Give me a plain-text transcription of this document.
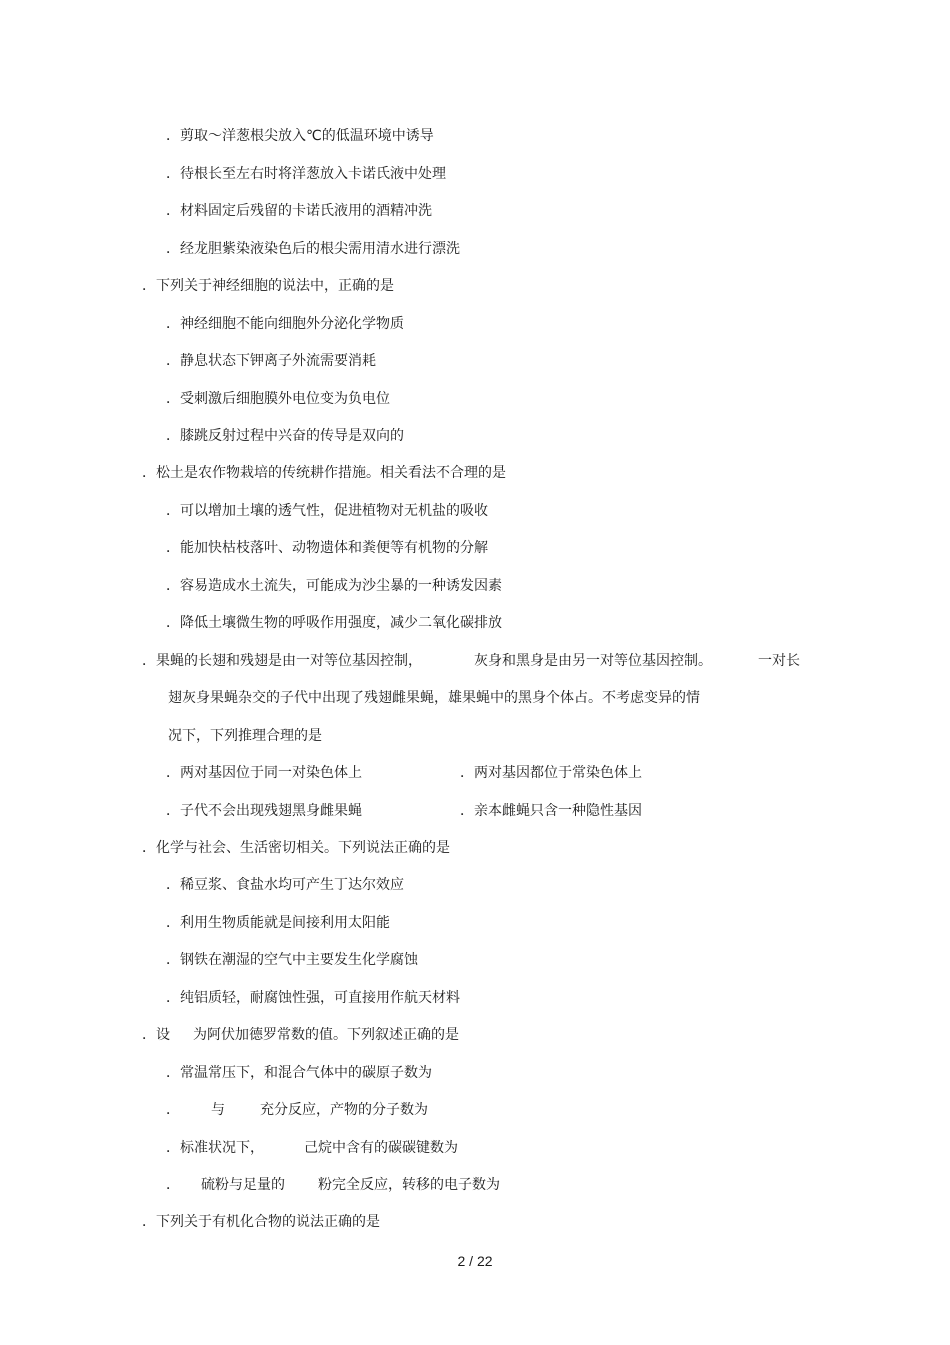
．剪取～洋葱根尖放入℃的低温环境中诱导
．待根长至左右时将洋葱放入卡诺氏液中处理
．材料固定后残留的卡诺氏液用的酒精冲洗
．经龙胆紫染液染色后的根尖需用清水进行漂洗
．下列关于神经细胞的说法中，正确的是
．神经细胞不能向细胞外分泌化学物质
．静息状态下钾离子外流需要消耗
．受刺激后细胞膜外电位变为负电位
．膝跳反射过程中兴奋的传导是双向的
．松土是农作物栽培的传统耕作措施。相关看法不合理的是
．可以增加土壤的透气性，促进植物对无机盐的吸收
．能加快枯枝落叶、动物遗体和粪便等有机物的分解
．容易造成水土流失，可能成为沙尘暴的一种诱发因素
．降低土壤微生物的呼吸作用强度，减少二氧化碳排放
．果蝇的长翅和残翅是由一对等位基因控制，	灰身和黑身是由另一对等位基因控制。	一对长
翅灰身果蝇杂交的子代中出现了残翅雌果蝇，雄果蝇中的黑身个体占。不考虑变异的情
况下，下列推理合理的是
．两对基因位于同一对染色体上	．两对基因都位于常染色体上
．子代不会出现残翅黑身雌果蝇	．亲本雌蝇只含一种隐性基因
．化学与社会、生活密切相关。下列说法正确的是
．稀豆浆、食盐水均可产生丁达尔效应
．利用生物质能就是间接利用太阳能
．钢铁在潮湿的空气中主要发生化学腐蚀
．纯铝质轻，耐腐蚀性强，可直接用作航天材料
．设 为阿伏加德罗常数的值。下列叙述正确的是
．常温常压下，和混合气体中的碳原子数为
． 与	充分反应，产物的分子数为
．标准状况下，	己烷中含有的碳碳键数为
． 硫粉与足量的 粉完全反应，转移的电子数为
．下列关于有机化合物的说法正确的是
2 / 22
